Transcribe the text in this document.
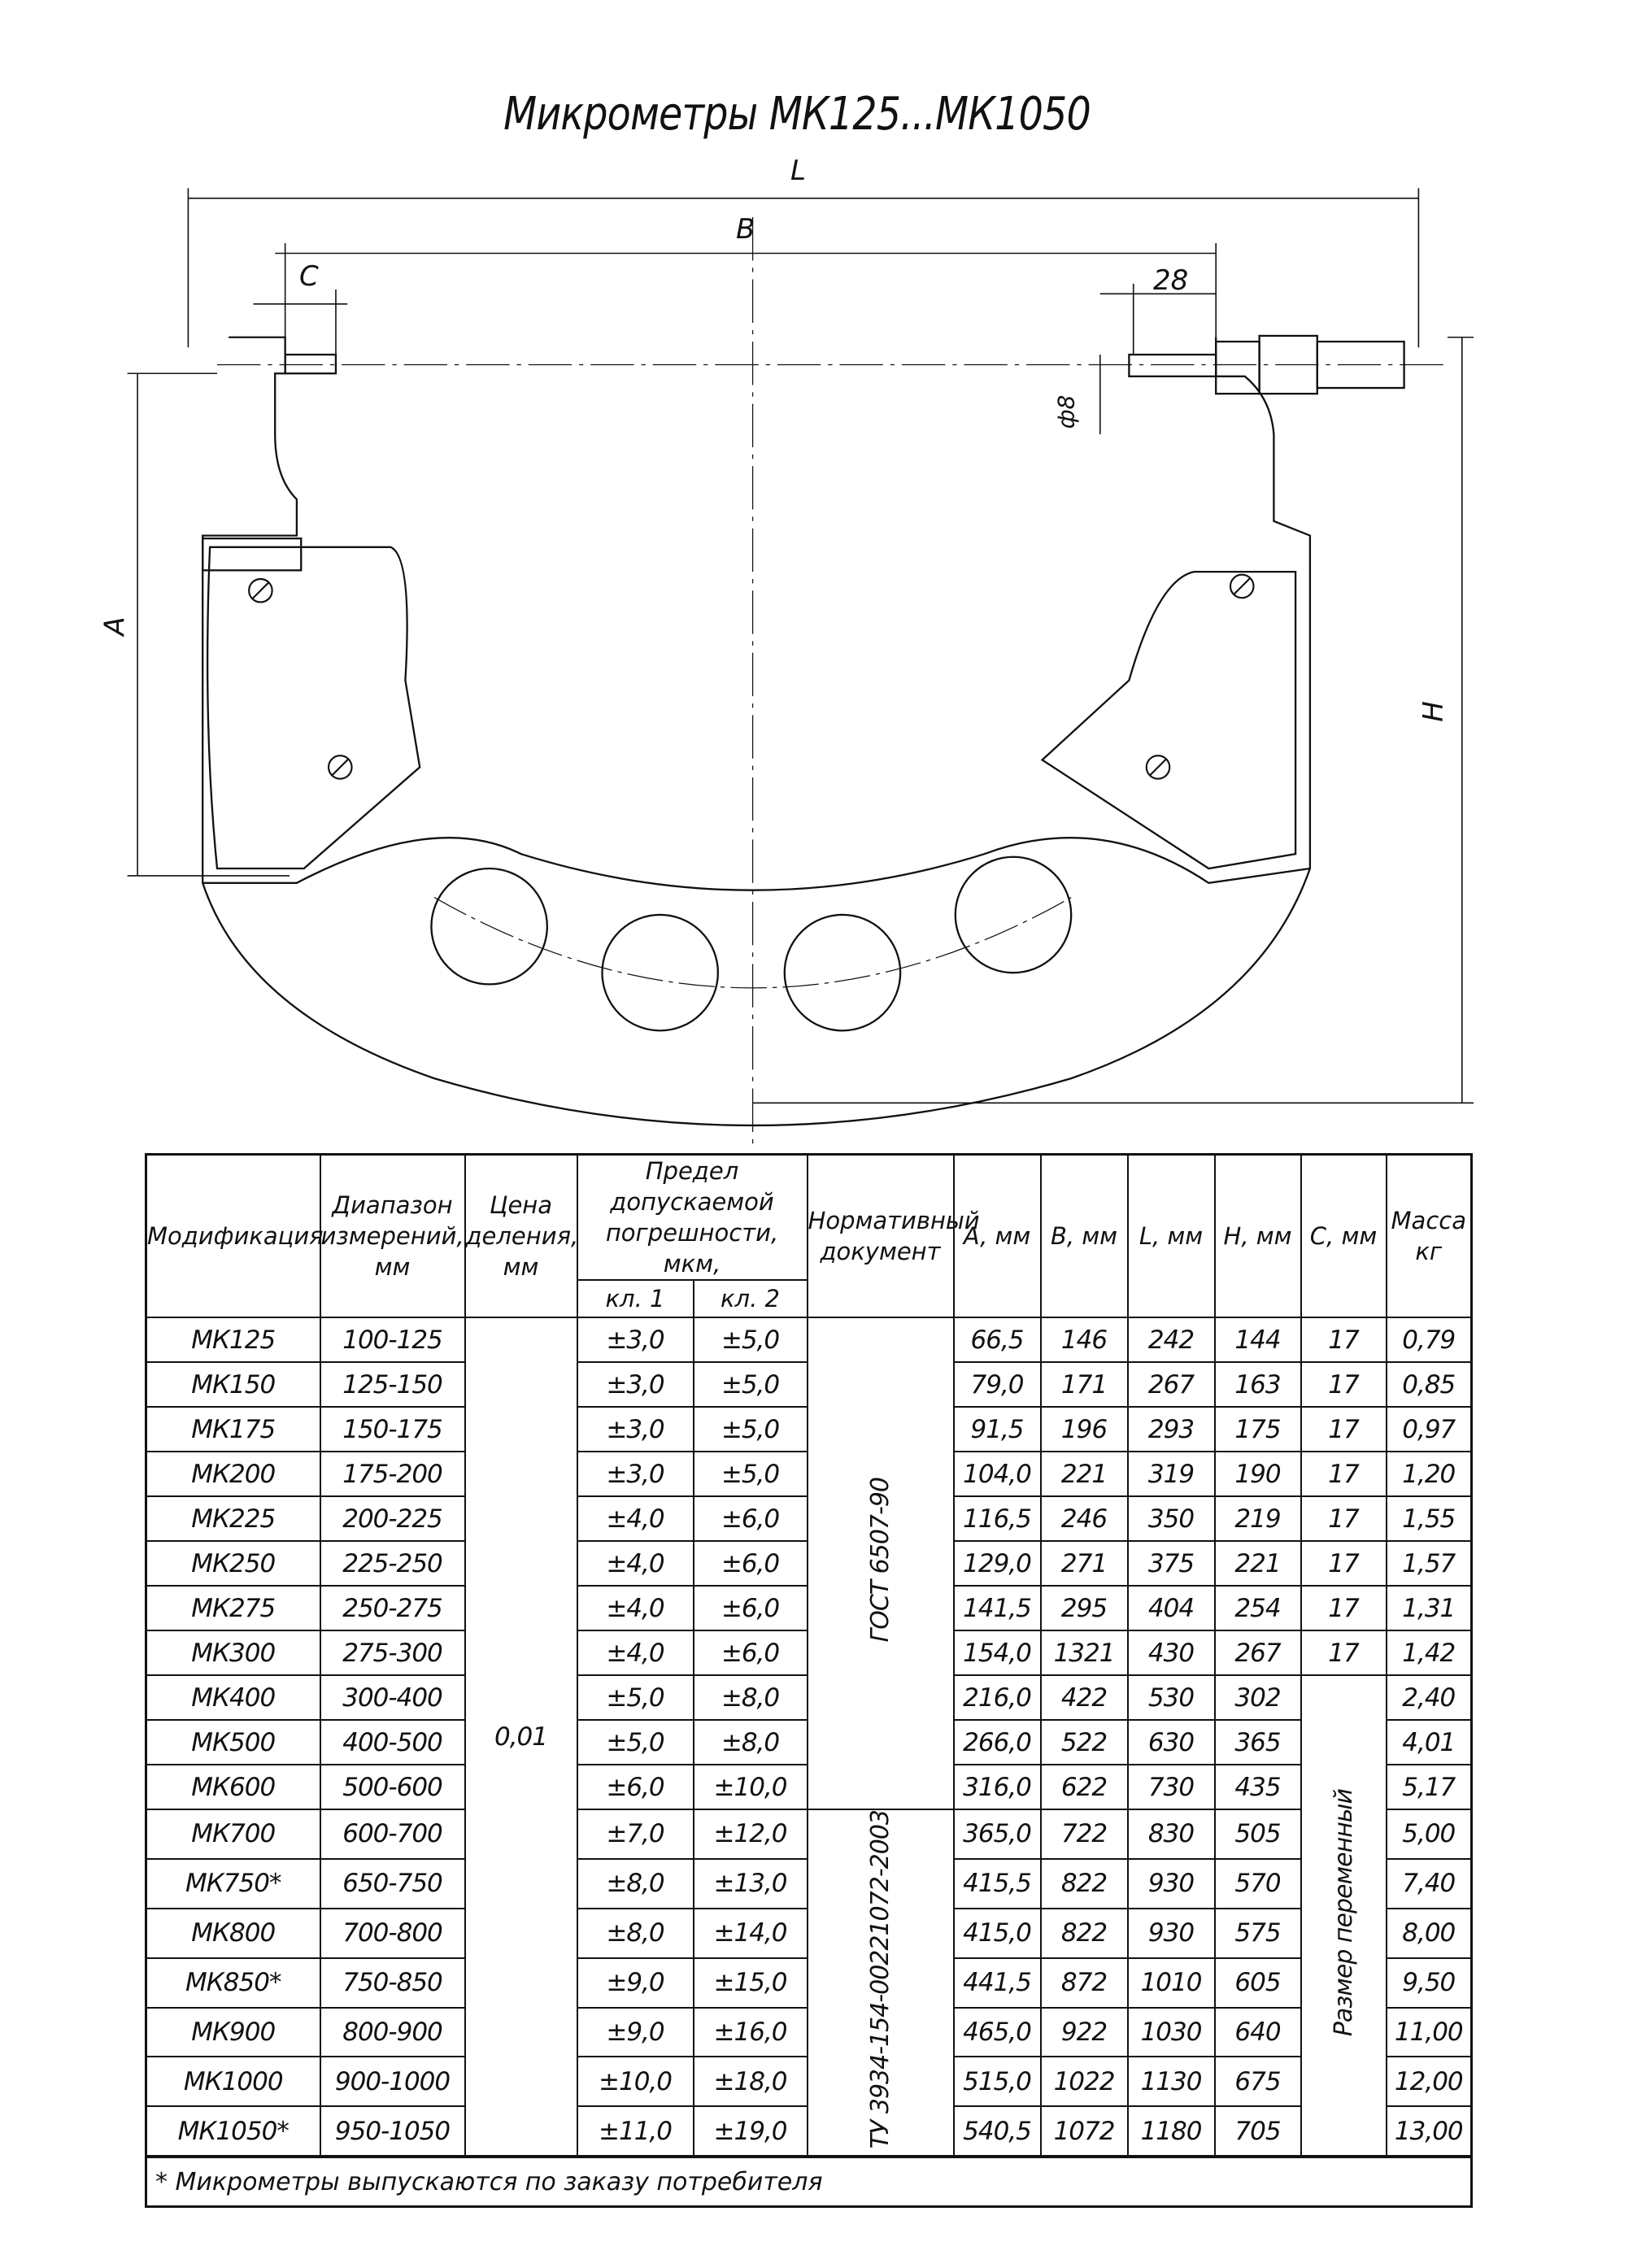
Микрометры МК125...МК1050
L
B
C	28
A
H
ф8
Модификация	Диапазон измерений, мм	Цена деления, мм	Предел допускаемой погрешности, мкм,		Нормативный документ	A, мм	B, мм	L, мм	H, мм	C, мм	Масса кг
			кл. 1	кл. 2							
МК125	100-125	0,01	±3,0	±5,0	ГОСТ 6507-90	66,5	146	242	144	17	0,79
МК150	125-150		±3,0	±5,0		79,0	171	267	163	17	0,85
МК175	150-175		±3,0	±5,0		91,5	196	293	175	17	0,97
МК200	175-200		±3,0	±5,0		104,0	221	319	190	17	1,20
МК225	200-225		±4,0	±6,0		116,5	246	350	219	17	1,55
МК250	225-250		±4,0	±6,0		129,0	271	375	221	17	1,57
МК275	250-275		±4,0	±6,0		141,5	295	404	254	17	1,31
МК300	275-300		±4,0	±6,0		154,0	1321	430	267	17	1,42
МК400	300-400		±5,0	±8,0		216,0	422	530	302	Размер переменный	2,40
МК500	400-500		±5,0	±8,0		266,0	522	630	365		4,01
МК600	500-600		±6,0	±10,0		316,0	622	730	435		5,17
МК700	600-700		±7,0	±12,0	ТУ 3934-154-00221072-2003	365,0	722	830	505		5,00
МК750*	650-750		±8,0	±13,0		415,5	822	930	570		7,40
МК800	700-800		±8,0	±14,0		415,0	822	930	575		8,00
МК850*	750-850		±9,0	±15,0		441,5	872	1010	605		9,50
МК900	800-900		±9,0	±16,0		465,0	922	1030	640		11,00
МК1000	900-1000		±10,0	±18,0		515,0	1022	1130	675		12,00
МК1050*	950-1050		±11,0	±19,0		540,5	1072	1180	705		13,00
* Микрометры выпускаются по заказу потребителя											
